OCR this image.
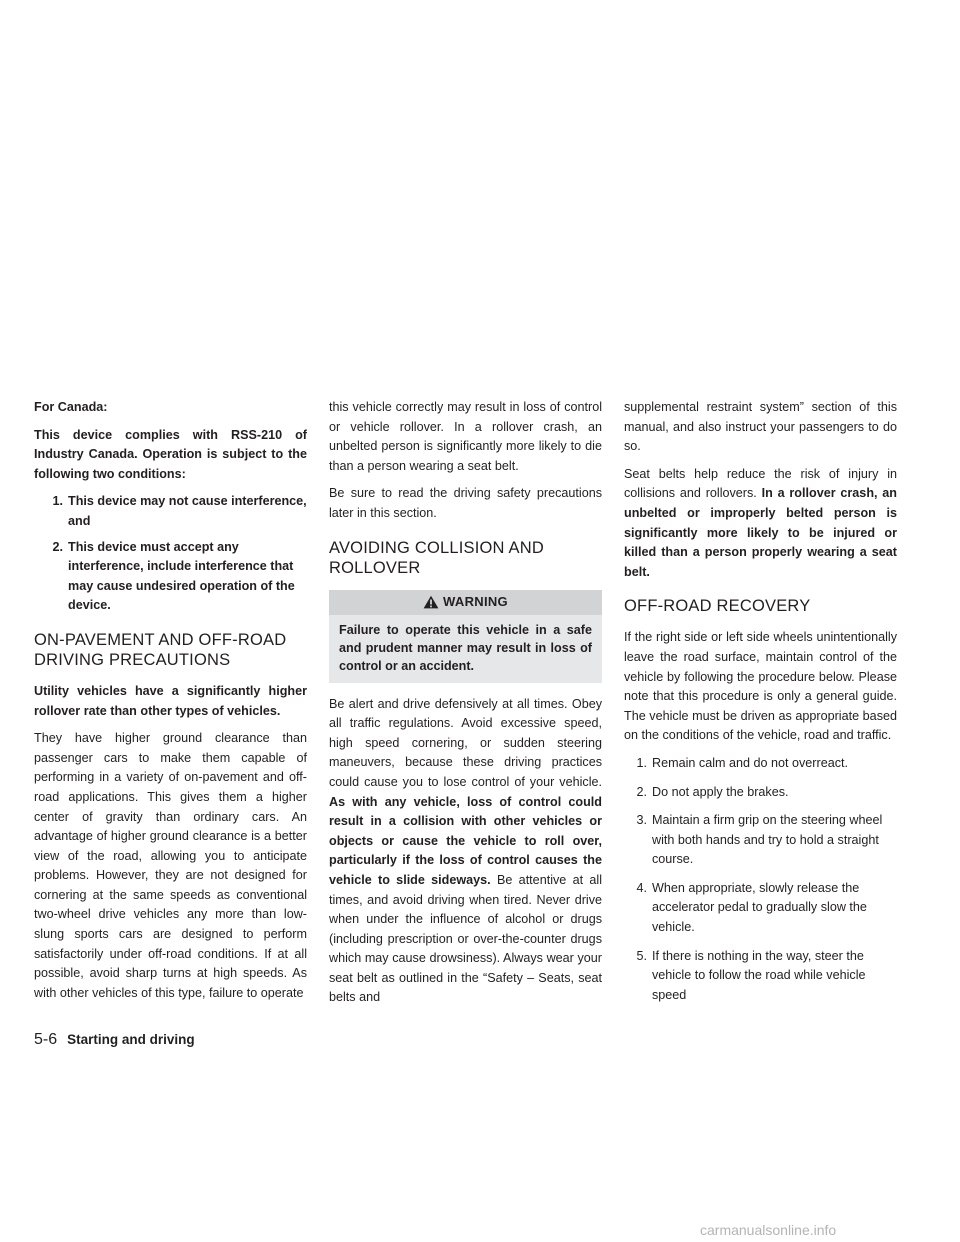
For Canada:

This device complies with RSS-210 of Industry Canada. Operation is subject to the following two conditions:

1. This device may not cause interference, and
2. This device must accept any interference, include interference that may cause undesired operation of the device.
ON-PAVEMENT AND OFF-ROAD DRIVING PRECAUTIONS

Utility vehicles have a significantly higher rollover rate than other types of vehicles.

They have higher ground clearance than passenger cars to make them capable of performing in a variety of on-pavement and off-road applications. This gives them a higher center of gravity than ordinary cars. An advantage of higher ground clearance is a better view of the road, allowing you to anticipate problems. However, they are not designed for cornering at the same speeds as conventional two-wheel drive vehicles any more than low-slung sports cars are designed to perform satisfactorily under off-road conditions. If at all possible, avoid sharp turns at high speeds. As with other vehicles of this type, failure to operate

this vehicle correctly may result in loss of control or vehicle rollover. In a rollover crash, an unbelted person is significantly more likely to die than a person wearing a seat belt.

Be sure to read the driving safety precautions later in this section.

AVOIDING COLLISION AND ROLLOVER
WARNING
Failure to operate this vehicle in a safe and prudent manner may result in loss of control or an accident.

Be alert and drive defensively at all times. Obey all traffic regulations. Avoid excessive speed, high speed cornering, or sudden steering maneuvers, because these driving practices could cause you to lose control of your vehicle. As with any vehicle, loss of control could result in a collision with other vehicles or objects or cause the vehicle to roll over, particularly if the loss of control causes the vehicle to slide sideways. Be attentive at all times, and avoid driving when tired. Never drive when under the influence of alcohol or drugs (including prescription or over-the-counter drugs which may cause drowsiness). Always wear your seat belt as outlined in the “Safety – Seats, seat belts and

supplemental restraint system” section of this manual, and also instruct your passengers to do so.

Seat belts help reduce the risk of injury in collisions and rollovers. In a rollover crash, an unbelted or improperly belted person is significantly more likely to be injured or killed than a person properly wearing a seat belt.

OFF-ROAD RECOVERY

If the right side or left side wheels unintentionally leave the road surface, maintain control of the vehicle by following the procedure below. Please note that this procedure is only a general guide. The vehicle must be driven as appropriate based on the conditions of the vehicle, road and traffic.

1. Remain calm and do not overreact.
2. Do not apply the brakes.
3. Maintain a firm grip on the steering wheel with both hands and try to hold a straight course.
4. When appropriate, slowly release the accelerator pedal to gradually slow the vehicle.
5. If there is nothing in the way, steer the vehicle to follow the road while vehicle speed
5-6 Starting and driving
carmanualsonline.info
